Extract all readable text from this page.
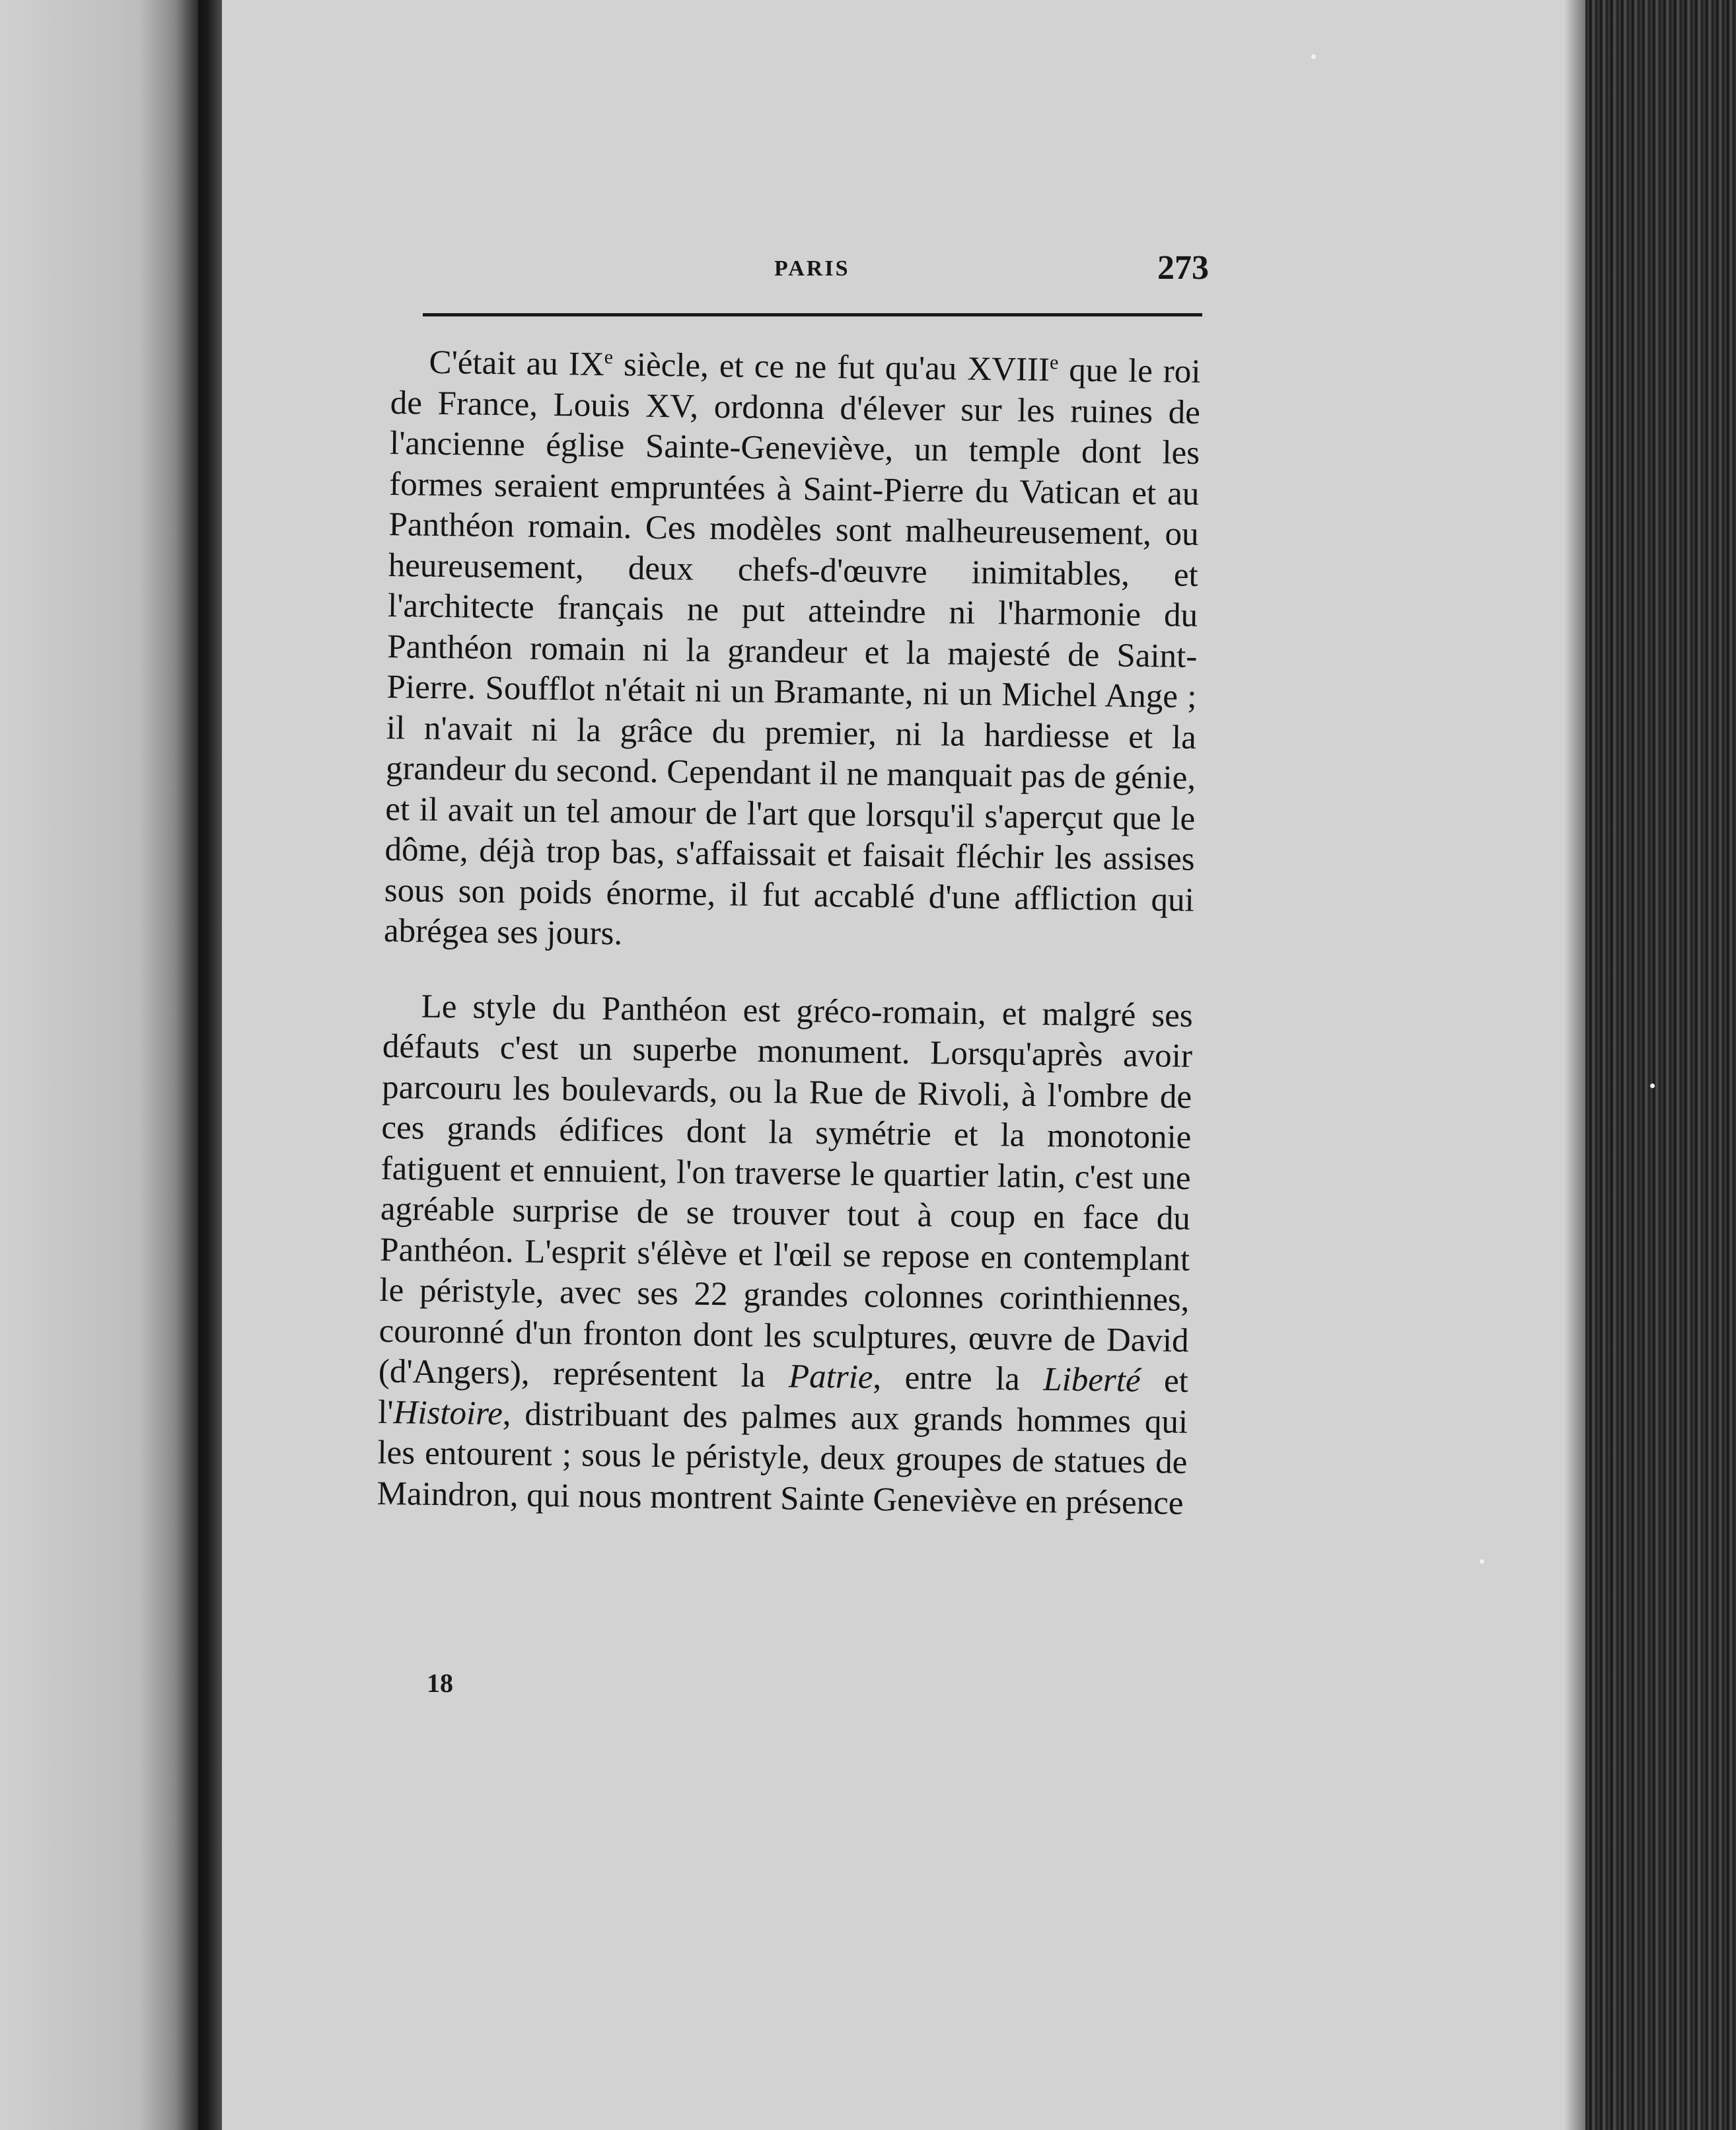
PARIS	273

C'était au IXe siècle, et ce ne fut qu'au XVIIIe que le roi de France, Louis XV, ordonna d'élever sur les ruines de l'ancienne église Sainte-Geneviève, un temple dont les formes seraient empruntées à Saint-Pierre du Vatican et au Panthéon romain. Ces modèles sont malheureusement, ou heureusement, deux chefs-d'œuvre inimitables, et l'architecte français ne put atteindre ni l'harmonie du Panthéon romain ni la grandeur et la majesté de Saint-Pierre. Soufflot n'était ni un Bramante, ni un Michel Ange ; il n'avait ni la grâce du premier, ni la hardiesse et la grandeur du second. Cependant il ne manquait pas de génie, et il avait un tel amour de l'art que lorsqu'il s'aperçut que le dôme, déjà trop bas, s'affaissait et faisait fléchir les assises sous son poids énorme, il fut accablé d'une affliction qui abrégea ses jours.

Le style du Panthéon est gréco-romain, et malgré ses défauts c'est un superbe monument. Lorsqu'après avoir parcouru les boulevards, ou la Rue de Rivoli, à l'ombre de ces grands édifices dont la symétrie et la monotonie fatiguent et ennuient, l'on traverse le quartier latin, c'est une agréable surprise de se trouver tout à coup en face du Panthéon. L'esprit s'élève et l'œil se repose en contemplant le péristyle, avec ses 22 grandes colonnes corinthiennes, couronné d'un fronton dont les sculptures, œuvre de David (d'Angers), représentent la Patrie, entre la Liberté et l'Histoire, distribuant des palmes aux grands hommes qui les entourent ; sous le péristyle, deux groupes de statues de Maindron, qui nous montrent Sainte Geneviève en présence

18
